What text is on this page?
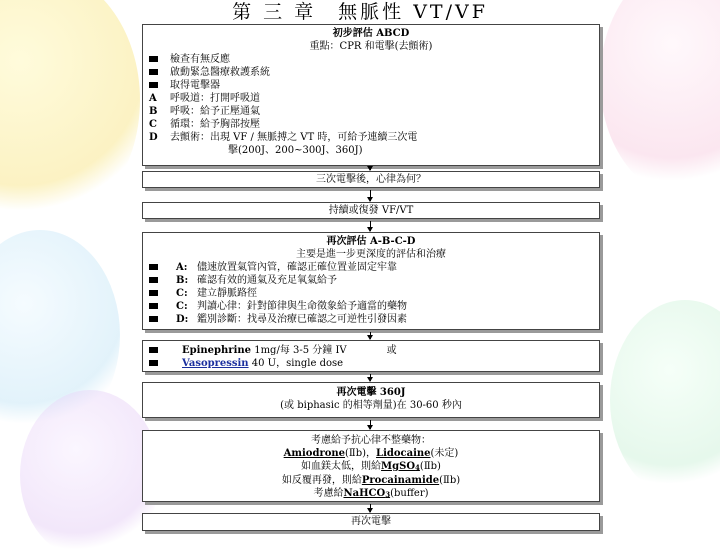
第 三 章　無脈性 VT/VF
初步評估 ABCD
重點：CPR 和電擊(去顫術)
檢查有無反應
啟動緊急醫療救護系統
取得電擊器
A	呼吸道：打開呼吸道
B	呼吸：給予正壓通氣
C	循環：給予胸部按壓
D	去顫術：出現 VF / 無脈搏之 VT 時，可給予連續三次電
擊(200J、200~300J、360J)
三次電擊後，心律為何？
持續或復發 VF/VT
再次評估 A-B-C-D
主要是進一步更深度的評估和治療
A: 儘速放置氣管內管，確認正確位置並固定牢靠
B: 確認有效的通氣及充足氧氣給予
C: 建立靜脈路徑
C: 判讀心律：針對節律與生命徵象給予適當的藥物
D: 鑑別診斷：找尋及治療已確認之可逆性引發因素
Epinephrine
1mg/每 3-5 分鐘 IV	或
Vasopressin
40 U，single dose
再次電擊 360J
(或 biphasic 的相等劑量)在 30-60 秒內
考慮給予抗心律不整藥物：
Amiodrone(Ⅱb)，Lidocaine(未定)
如血鎂太低，則給MgSO4(Ⅱb)
如反覆再發，則給Procainamide(Ⅱb)
考慮給NaHCO3(buffer)
再次電擊
